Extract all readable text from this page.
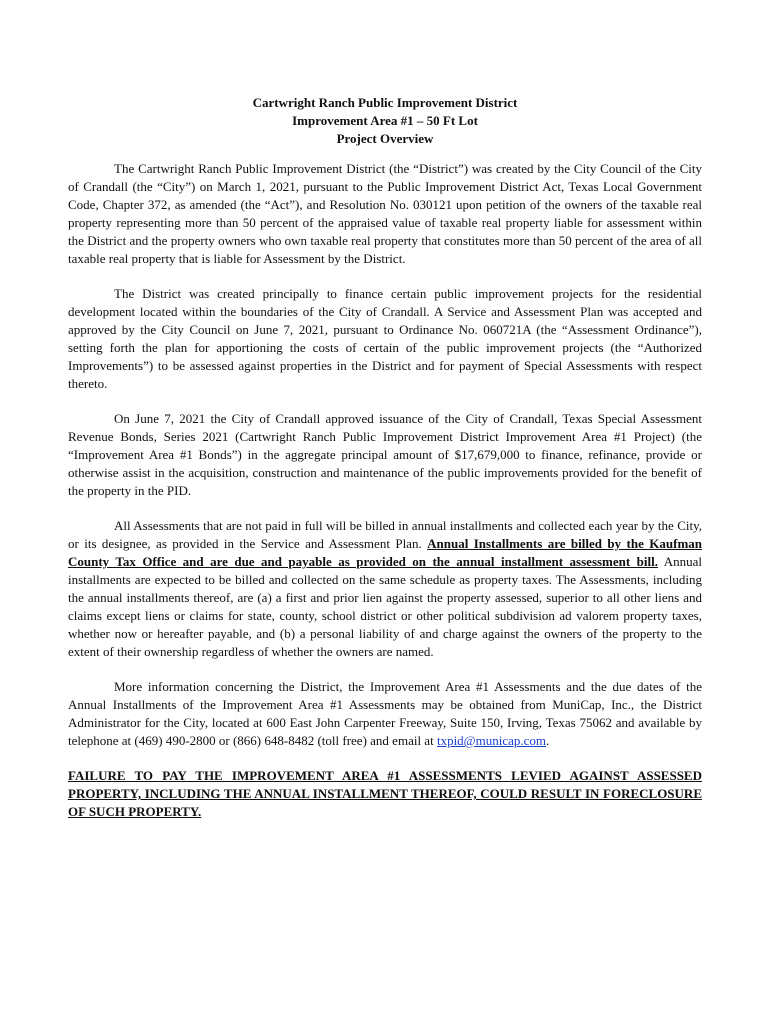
Cartwright Ranch Public Improvement District
Improvement Area #1 – 50 Ft Lot
Project Overview

The Cartwright Ranch Public Improvement District (the “District”) was created by the City Council of the City of Crandall (the “City”) on March 1, 2021, pursuant to the Public Improvement District Act, Texas Local Government Code, Chapter 372, as amended (the “Act”), and Resolution No. 030121 upon petition of the owners of the taxable real property representing more than 50 percent of the appraised value of taxable real property liable for assessment within the District and the property owners who own taxable real property that constitutes more than 50 percent of the area of all taxable real property that is liable for Assessment by the District.

The District was created principally to finance certain public improvement projects for the residential development located within the boundaries of the City of Crandall. A Service and Assessment Plan was accepted and approved by the City Council on June 7, 2021, pursuant to Ordinance No. 060721A (the “Assessment Ordinance”), setting forth the plan for apportioning the costs of certain of the public improvement projects (the “Authorized Improvements”) to be assessed against properties in the District and for payment of Special Assessments with respect thereto.

On June 7, 2021 the City of Crandall approved issuance of the City of Crandall, Texas Special Assessment Revenue Bonds, Series 2021 (Cartwright Ranch Public Improvement District Improvement Area #1 Project) (the “Improvement Area #1 Bonds”) in the aggregate principal amount of $17,679,000 to finance, refinance, provide or otherwise assist in the acquisition, construction and maintenance of the public improvements provided for the benefit of the property in the PID.

All Assessments that are not paid in full will be billed in annual installments and collected each year by the City, or its designee, as provided in the Service and Assessment Plan. Annual Installments are billed by the Kaufman County Tax Office and are due and payable as provided on the annual installment assessment bill. Annual installments are expected to be billed and collected on the same schedule as property taxes. The Assessments, including the annual installments thereof, are (a) a first and prior lien against the property assessed, superior to all other liens and claims except liens or claims for state, county, school district or other political subdivision ad valorem property taxes, whether now or hereafter payable, and (b) a personal liability of and charge against the owners of the property to the extent of their ownership regardless of whether the owners are named.

More information concerning the District, the Improvement Area #1 Assessments and the due dates of the Annual Installments of the Improvement Area #1 Assessments may be obtained from MuniCap, Inc., the District Administrator for the City, located at 600 East John Carpenter Freeway, Suite 150, Irving, Texas 75062 and available by telephone at (469) 490-2800 or (866) 648-8482 (toll free) and email at txpid@municap.com.

FAILURE TO PAY THE IMPROVEMENT AREA #1 ASSESSMENTS LEVIED AGAINST ASSESSED PROPERTY, INCLUDING THE ANNUAL INSTALLMENT THEREOF, COULD RESULT IN FORECLOSURE OF SUCH PROPERTY.
